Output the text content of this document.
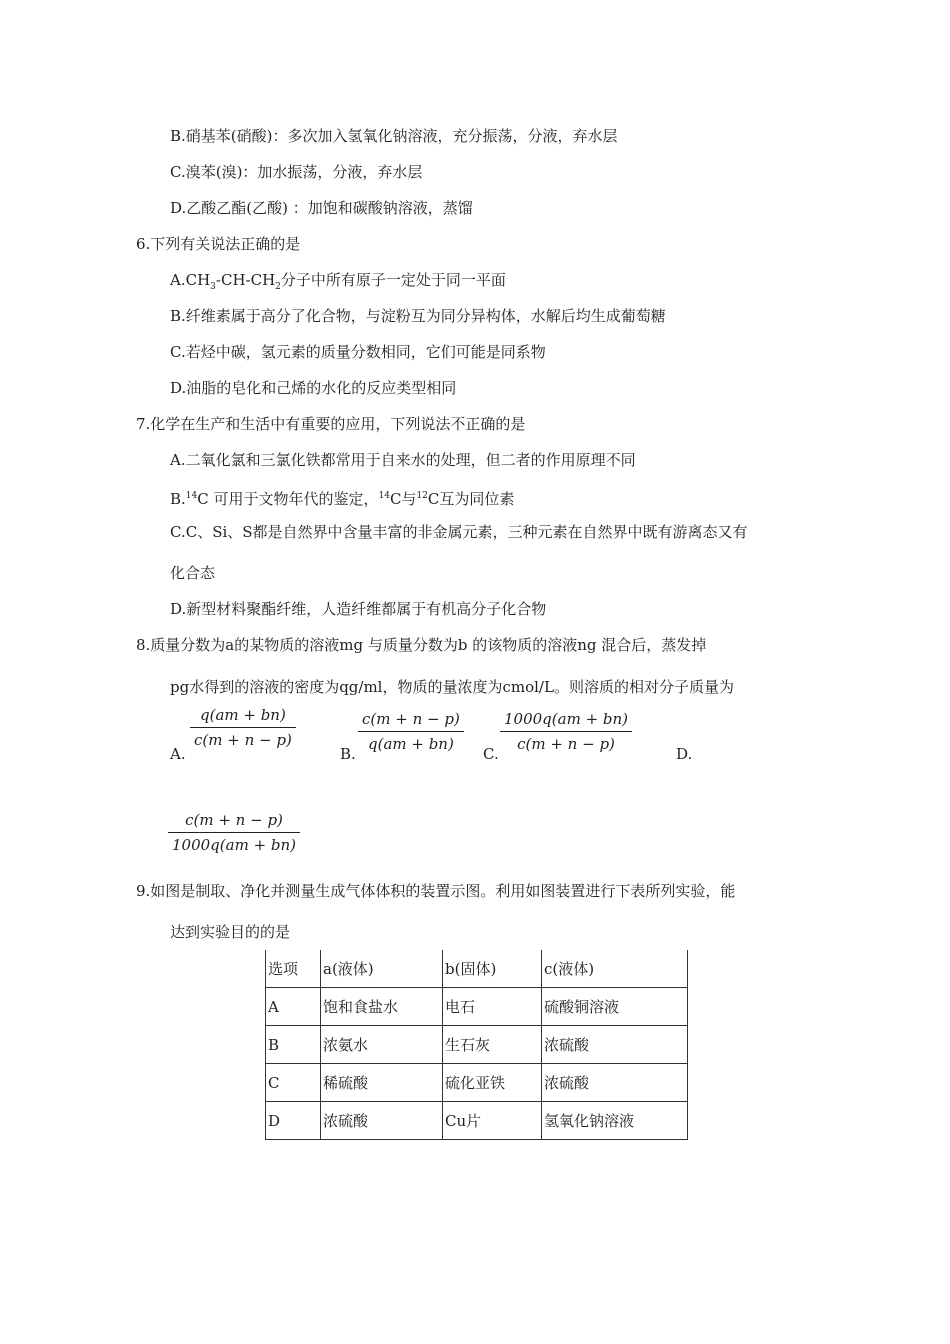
B.硝基苯(硝酸)：多次加入氢氧化钠溶液，充分振荡，分液，弃水层
C.溴苯(溴)：加水振荡，分液，弃水层
D.乙酸乙酯(乙酸) ：加饱和碳酸钠溶液，蒸馏
6.下列有关说法正确的是
$A.CH_3-CH-CH_2$分子中所有原子一定处于同一平面
B.纤维素属于高分了化合物，与淀粉互为同分异构体，水解后均生成葡萄糖
C.若烃中碳，氢元素的质量分数相同，它们可能是同系物
D.油脂的皂化和己烯的水化的反应类型相同
7.化学在生产和生活中有重要的应用，下列说法不正确的是
A.二氧化氯和三氯化铁都常用于自来水的处理，但二者的作用原理不同
B.$^{14}$C 可用于文物年代的鉴定，$^{14}$C与$^{12}$C互为同位素
C.C、Si、S都是自然界中含量丰富的非金属元素，三种元素在自然界中既有游离态又有
化合态
D.新型材料聚酯纤维，人造纤维都属于有机高分子化合物
8.质量分数为a的某物质的溶液mg 与质量分数为b 的该物质的溶液ng 混合后，蒸发掉
pg水得到的溶液的密度为qg/ml，物质的量浓度为cmol/L。则溶质的相对分子质量为
$\frac{q(am + bn)}{c(m + n - p)}$
A.
$\frac{c(m + n - p)}{q(am + bn)}$
B.
$\frac{1000q(am + bn)}{c(m + n - p)}$
C.	D.
$\frac{c(m + n - p)}{1000q(am + bn)}$
9.如图是制取、净化并测量生成气体体积的装置示图。利用如图装置进行下表所列实验，能
达到实验目的的是
选项	a(液体)	b(固体)	c(液体)
A	饱和食盐水	电石	硫酸铜溶液
B	浓氨水	生石灰	浓硫酸
C	稀硫酸	硫化亚铁	浓硫酸
D	浓硫酸	Cu片	氢氧化钠溶液
